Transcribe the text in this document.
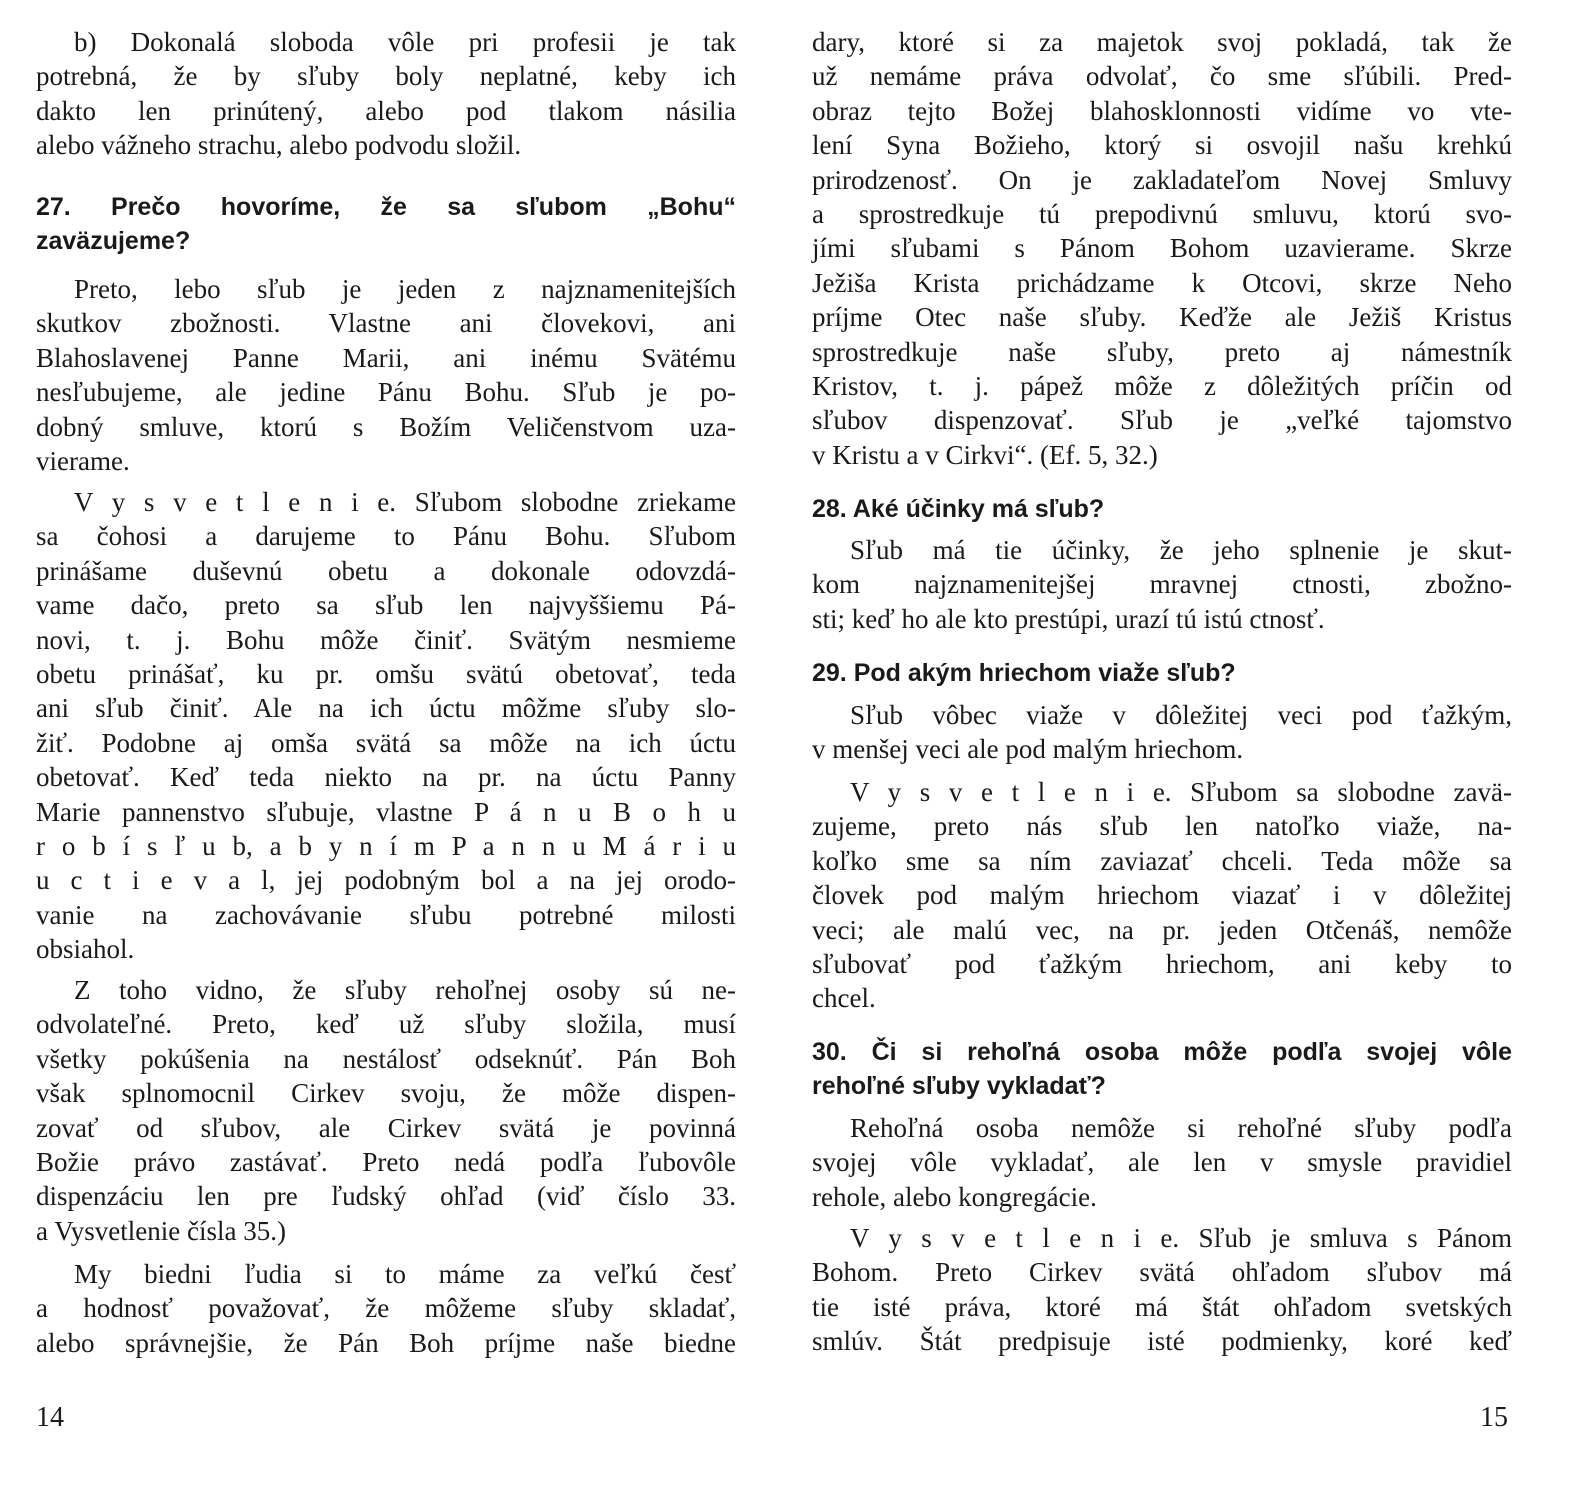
b) Dokonalá sloboda vôle pri profesii je tak
potrebná, že by sľuby boly neplatné, keby ich
dakto len prinútený, alebo pod tlakom násilia
alebo vážneho strachu, alebo podvodu složil.
27. Prečo hovoríme, že sa sľubom „Bohu“
zaväzujeme?
Preto, lebo sľub je jeden z najznamenitejších
skutkov zbožnosti. Vlastne ani človekovi, ani
Blahoslavenej Panne Marii, ani inému Svätému
nesľubujeme, ale jedine Pánu Bohu. Sľub je po-
dobný smluve, ktorú s Božím Veličenstvom uza-
vierame.
V y s v e t l e n i e. Sľubom slobodne zriekame
sa čohosi a darujeme to Pánu Bohu. Sľubom
prinášame duševnú obetu a dokonale odovzdá-
vame dačo, preto sa sľub len najvyššiemu Pá-
novi, t. j. Bohu môže činiť. Svätým nesmieme
obetu prinášať, ku pr. omšu svätú obetovať, teda
ani sľub činiť. Ale na ich úctu môžme sľuby slo-
žiť. Podobne aj omša svätá sa môže na ich úctu
obetovať. Keď teda niekto na pr. na úctu Panny
Marie pannenstvo sľubuje, vlastne P á n u B o h u
r o b í s ľ u b, a b y n í m P a n n u M á r i u
u c t i e v a l, jej podobným bol a na jej orodo-
vanie na zachovávanie sľubu potrebné milosti
obsiahol.
Z toho vidno, že sľuby rehoľnej osoby sú ne-
odvolateľné. Preto, keď už sľuby složila, musí
všetky pokúšenia na nestálosť odseknúť. Pán Boh
však splnomocnil Cirkev svoju, že môže dispen-
zovať od sľubov, ale Cirkev svätá je povinná
Božie právo zastávať. Preto nedá podľa ľubovôle
dispenzáciu len pre ľudský ohľad (viď číslo 33.
a Vysvetlenie čísla 35.)
My biedni ľudia si to máme za veľkú česť
a hodnosť považovať, že môžeme sľuby skladať,
alebo správnejšie, že Pán Boh príjme naše biedne
dary, ktoré si za majetok svoj pokladá, tak že
už nemáme práva odvolať, čo sme sľúbili. Pred-
obraz tejto Božej blahosklonnosti vidíme vo vte-
lení Syna Božieho, ktorý si osvojil našu krehkú
prirodzenosť. On je zakladateľom Novej Smluvy
a sprostredkuje tú prepodivnú smluvu, ktorú svo-
jími sľubami s Pánom Bohom uzavierame. Skrze
Ježiša Krista prichádzame k Otcovi, skrze Neho
príjme Otec naše sľuby. Keďže ale Ježiš Kristus
sprostredkuje naše sľuby, preto aj námestník
Kristov, t. j. pápež môže z dôležitých príčin od
sľubov dispenzovať. Sľub je „veľké tajomstvo
v Kristu a v Cirkvi“. (Ef. 5, 32.)
28. Aké účinky má sľub?
Sľub má tie účinky, že jeho splnenie je skut-
kom najznamenitejšej mravnej ctnosti, zbožno-
sti; keď ho ale kto prestúpi, urazí tú istú ctnosť.
29. Pod akým hriechom viaže sľub?
Sľub vôbec viaže v dôležitej veci pod ťažkým,
v menšej veci ale pod malým hriechom.
V y s v e t l e n i e. Sľubom sa slobodne zavä-
zujeme, preto nás sľub len natoľko viaže, na-
koľko sme sa ním zaviazať chceli. Teda môže sa
človek pod malým hriechom viazať i v dôležitej
veci; ale malú vec, na pr. jeden Otčenáš, nemôže
sľubovať pod ťažkým hriechom, ani keby to
chcel.
30. Či si rehoľná osoba môže podľa svojej vôle
rehoľné sľuby vykladať?
Rehoľná osoba nemôže si rehoľné sľuby podľa
svojej vôle vykladať, ale len v smysle pravidiel
rehole, alebo kongregácie.
V y s v e t l e n i e. Sľub je smluva s Pánom
Bohom. Preto Cirkev svätá ohľadom sľubov má
tie isté práva, ktoré má štát ohľadom svetských
smlúv. Štát predpisuje isté podmienky, koré keď
14	15
